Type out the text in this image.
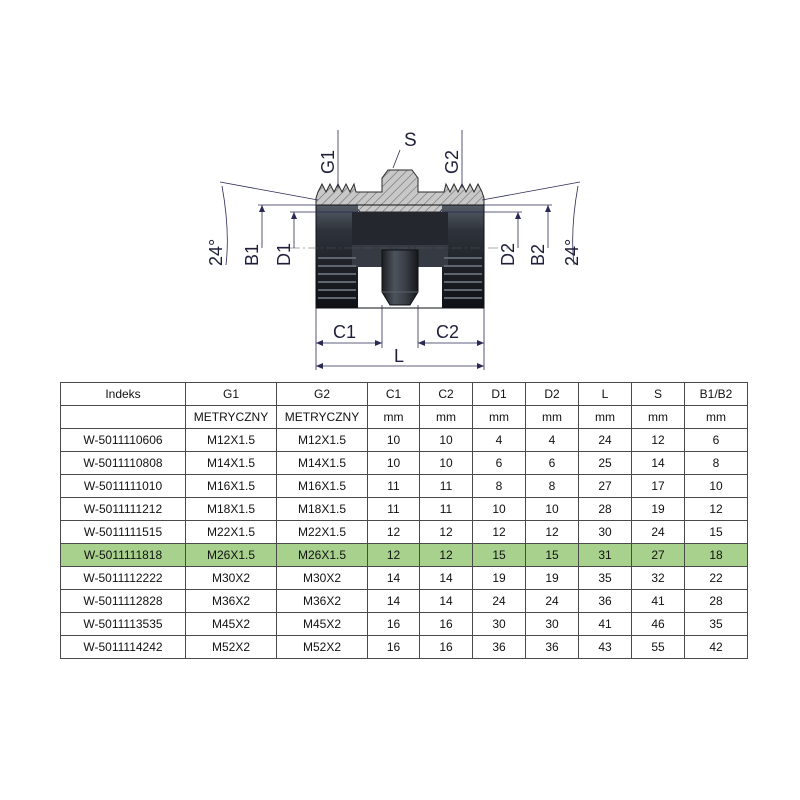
S
G1	G2
24°	24°
B1 D1	D2 B2
C1	C2
L
Indeks	G1	G2	C1	C2	D1	D2	L	S	B1/B2
	METRYCZNY	METRYCZNY	mm	mm	mm	mm	mm	mm	mm
W-5011110606	M12X1.5	M12X1.5	10	10	4	4	24	12	6
W-5011110808	M14X1.5	M14X1.5	10	10	6	6	25	14	8
W-5011111010	M16X1.5	M16X1.5	11	11	8	8	27	17	10
W-5011111212	M18X1.5	M18X1.5	11	11	10	10	28	19	12
W-5011111515	M22X1.5	M22X1.5	12	12	12	12	30	24	15
W-5011111818	M26X1.5	M26X1.5	12	12	15	15	31	27	18
W-5011112222	M30X2	M30X2	14	14	19	19	35	32	22
W-5011112828	M36X2	M36X2	14	14	24	24	36	41	28
W-5011113535	M45X2	M45X2	16	16	30	30	41	46	35
W-5011114242	M52X2	M52X2	16	16	36	36	43	55	42
